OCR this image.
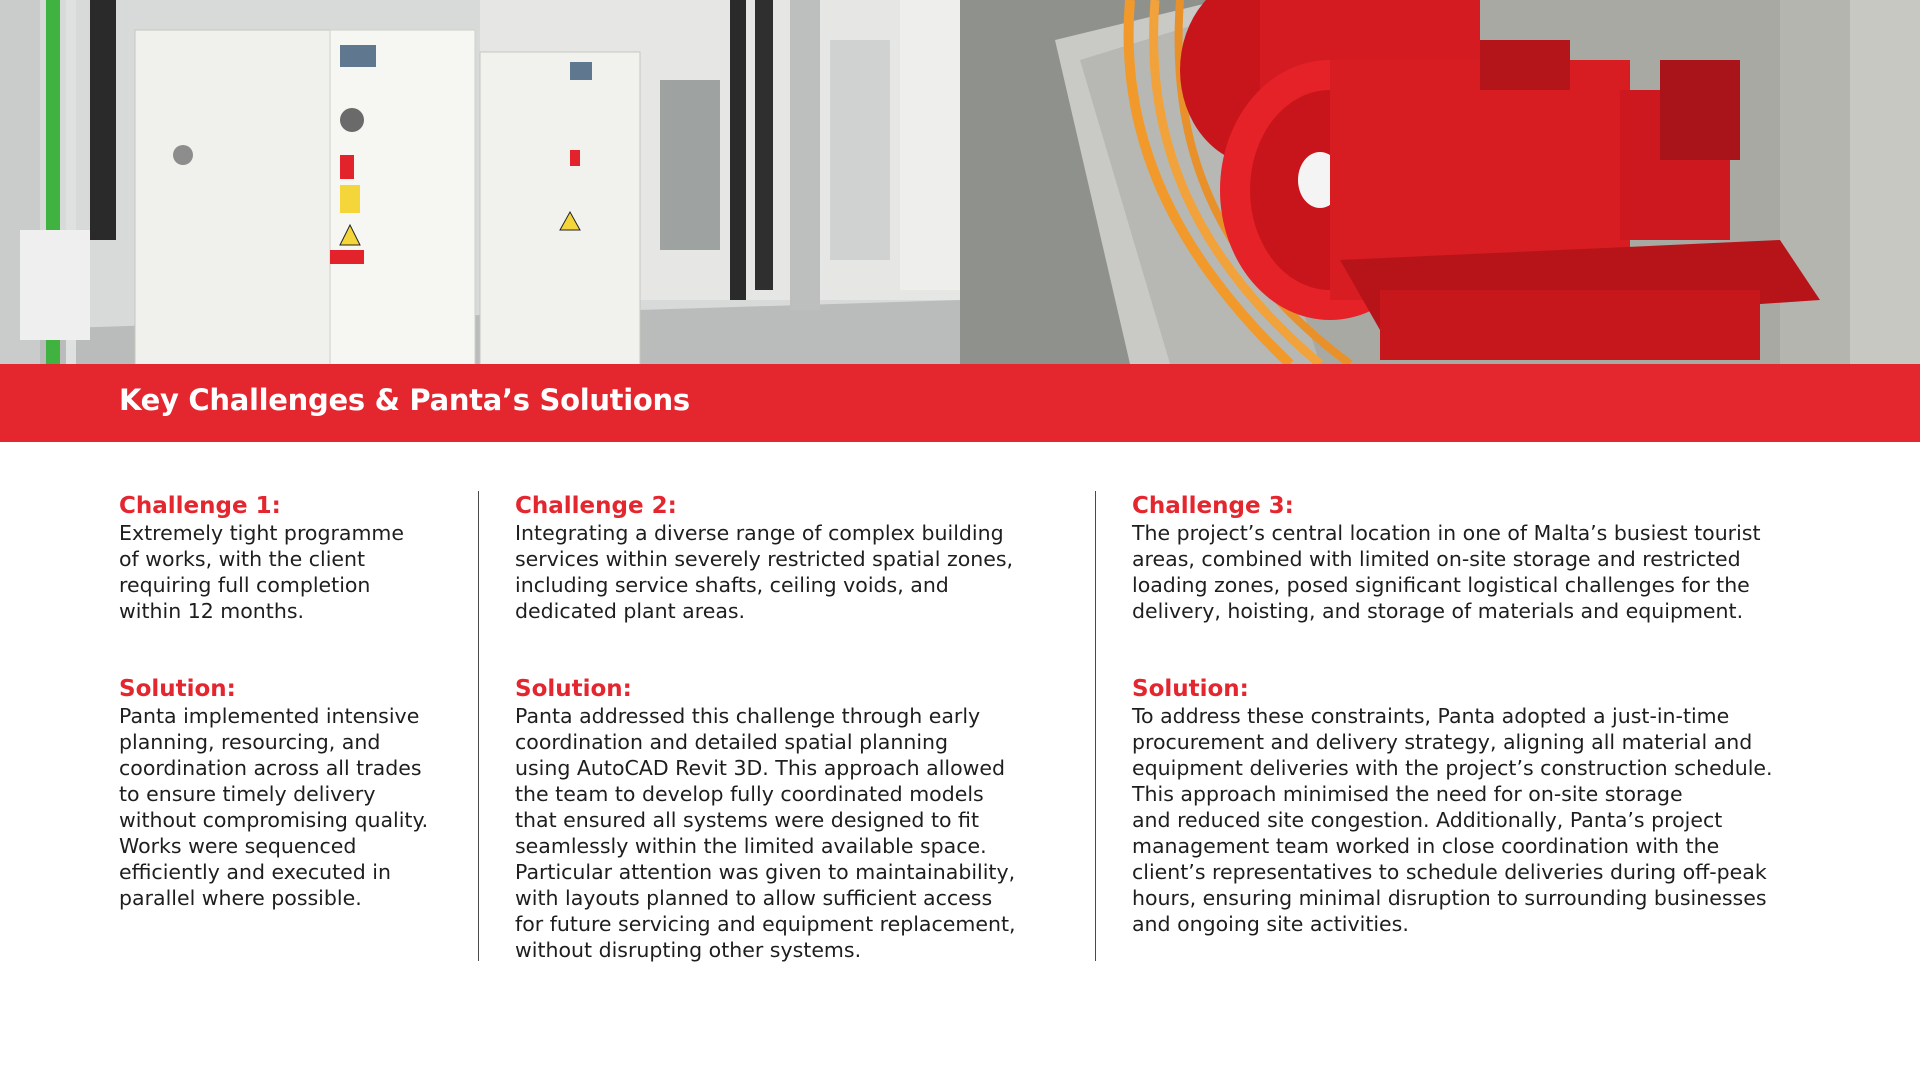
Key Challenges & Panta’s Solutions

Challenge 1:

Extremely tight programme
of works, with the client
requiring full completion
within 12 months.

Solution:

Panta implemented intensive
planning, resourcing, and
coordination across all trades
to ensure timely delivery
without compromising quality.
Works were sequenced
efficiently and executed in
parallel where possible.

Challenge 2:

Integrating a diverse range of complex building
services within severely restricted spatial zones,
including service shafts, ceiling voids, and
dedicated plant areas.

Solution:

Panta addressed this challenge through early
coordination and detailed spatial planning
using AutoCAD Revit 3D. This approach allowed
the team to develop fully coordinated models
that ensured all systems were designed to fit
seamlessly within the limited available space.
Particular attention was given to maintainability,
with layouts planned to allow sufficient access
for future servicing and equipment replacement,
without disrupting other systems.

Challenge 3:

The project’s central location in one of Malta’s busiest tourist
areas, combined with limited on-site storage and restricted
loading zones, posed significant logistical challenges for the
delivery, hoisting, and storage of materials and equipment.

Solution:

To address these constraints, Panta adopted a just-in-time
procurement and delivery strategy, aligning all material and
equipment deliveries with the project’s construction schedule.
This approach minimised the need for on-site storage
and reduced site congestion. Additionally, Panta’s project
management team worked in close coordination with the
client’s representatives to schedule deliveries during off-peak
hours, ensuring minimal disruption to surrounding businesses
and ongoing site activities.
